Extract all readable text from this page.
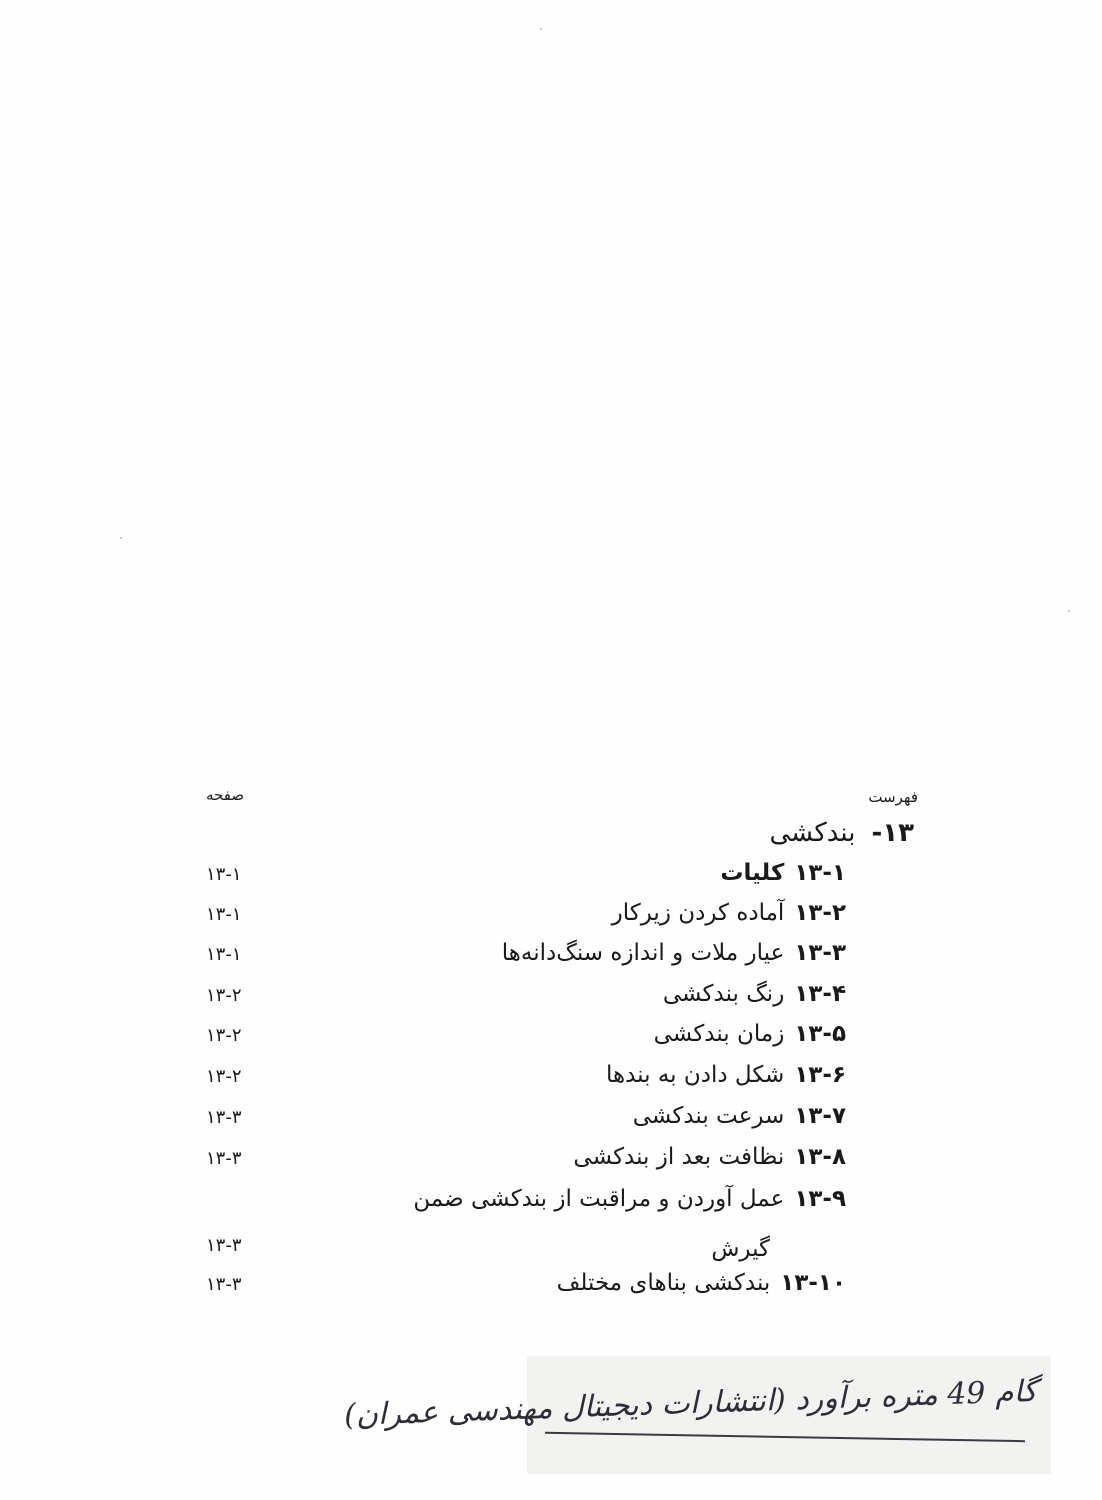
فهرست
صفحه
۱۳-بندکشی
۱۳-۱کلیات
۱۳-۱
۱۳-۲آماده کردن زیرکار
۱۳-۱
۱۳-۳عیار ملات و اندازه سنگ‌دانه‌ها
۱۳-۱
۱۳-۴رنگ بندکشی
۱۳-۲
۱۳-۵زمان بندکشی
۱۳-۲
۱۳-۶شکل دادن به بندها
۱۳-۲
۱۳-۷سرعت بندکشی
۱۳-۳
۱۳-۸نظافت بعد از بندکشی
۱۳-۳
۱۳-۹عمل آوردن و مراقبت از بندکشی ضمن
گیرش
۱۳-۳
۱۳-۱۰بندکشی بناهای مختلف
۱۳-۳
گام 49 متره برآورد (انتشارات دیجیتال مهندسی عمران)
